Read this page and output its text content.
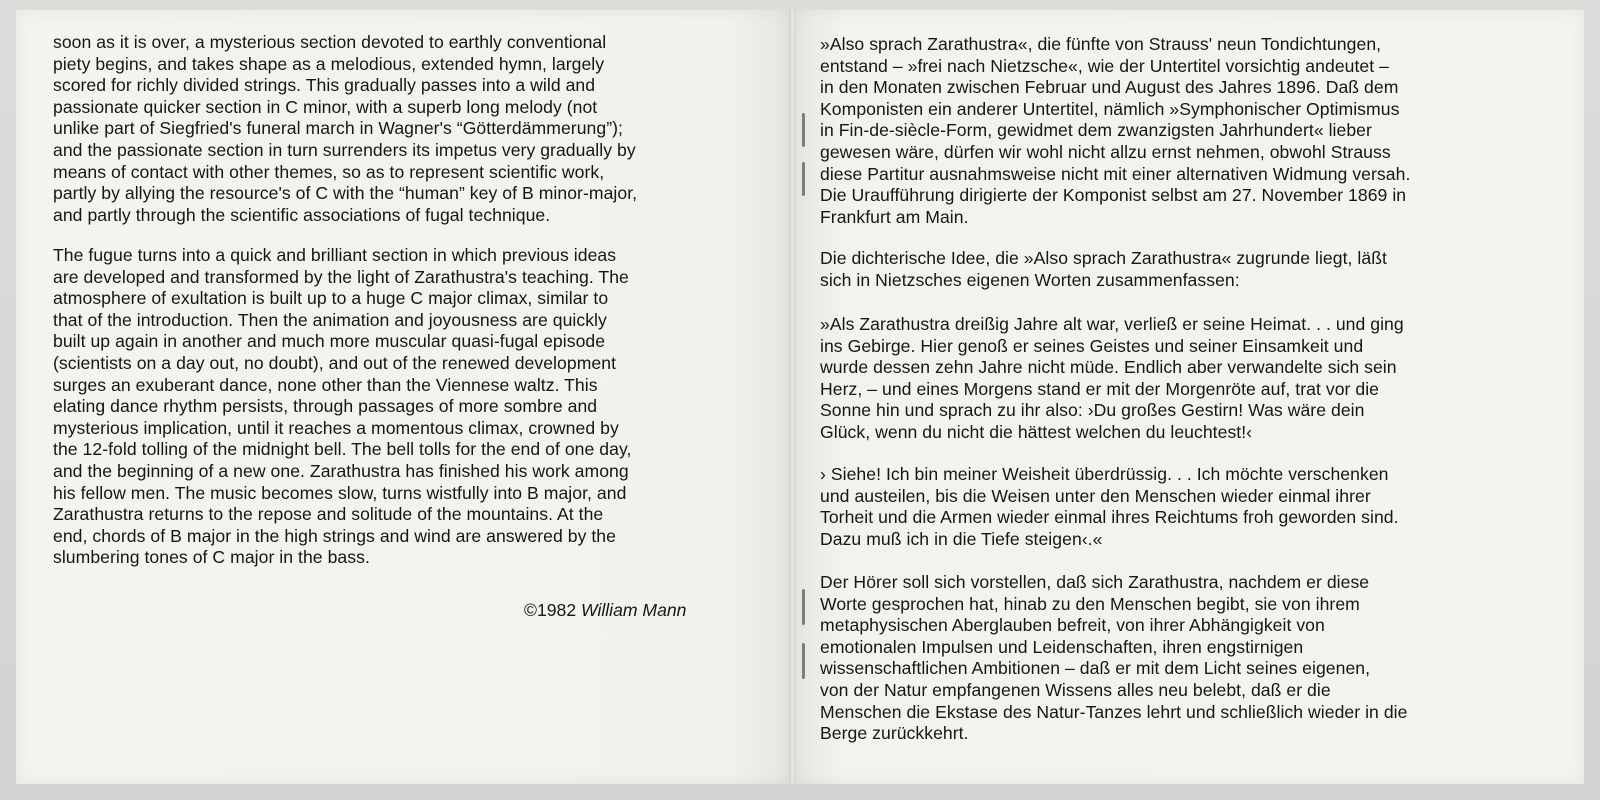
soon as it is over, a mysterious section devoted to earthly conventional
piety begins, and takes shape as a melodious, extended hymn, largely
scored for richly divided strings. This gradually passes into a wild and
passionate quicker section in C minor, with a superb long melody (not
unlike part of Siegfried's funeral march in Wagner's “Götterdämmerung”);
and the passionate section in turn surrenders its impetus very gradually by
means of contact with other themes, so as to represent scientific work,
partly by allying the resource's of C with the “human” key of B minor-major,
and partly through the scientific associations of fugal technique.

The fugue turns into a quick and brilliant section in which previous ideas
are developed and transformed by the light of Zarathustra's teaching. The
atmosphere of exultation is built up to a huge C major climax, similar to
that of the introduction. Then the animation and joyousness are quickly
built up again in another and much more muscular quasi-fugal episode
(scientists on a day out, no doubt), and out of the renewed development
surges an exuberant dance, none other than the Viennese waltz. This
elating dance rhythm persists, through passages of more sombre and
mysterious implication, until it reaches a momentous climax, crowned by
the 12-fold tolling of the midnight bell. The bell tolls for the end of one day,
and the beginning of a new one. Zarathustra has finished his work among
his fellow men. The music becomes slow, turns wistfully into B major, and
Zarathustra returns to the repose and solitude of the mountains. At the
end, chords of B major in the high strings and wind are answered by the
slumbering tones of C major in the bass.

©1982 William Mann

»Also sprach Zarathustra«, die fünfte von Strauss' neun Tondichtungen,
entstand – »frei nach Nietzsche«, wie der Untertitel vorsichtig andeutet –
in den Monaten zwischen Februar und August des Jahres 1896. Daß dem
Komponisten ein anderer Untertitel, nämlich »Symphonischer Optimismus
in Fin-de-siècle-Form, gewidmet dem zwanzigsten Jahrhundert« lieber
gewesen wäre, dürfen wir wohl nicht allzu ernst nehmen, obwohl Strauss
diese Partitur ausnahmsweise nicht mit einer alternativen Widmung versah.
Die Uraufführung dirigierte der Komponist selbst am 27. November 1869 in
Frankfurt am Main.

Die dichterische Idee, die »Also sprach Zarathustra« zugrunde liegt, läßt
sich in Nietzsches eigenen Worten zusammenfassen:

»Als Zarathustra dreißig Jahre alt war, verließ er seine Heimat. . . und ging
ins Gebirge. Hier genoß er seines Geistes und seiner Einsamkeit und
wurde dessen zehn Jahre nicht müde. Endlich aber verwandelte sich sein
Herz, – und eines Morgens stand er mit der Morgenröte auf, trat vor die
Sonne hin und sprach zu ihr also: ›Du großes Gestirn! Was wäre dein
Glück, wenn du nicht die hättest welchen du leuchtest!‹

› Siehe! Ich bin meiner Weisheit überdrüssig. . . Ich möchte verschenken
und austeilen, bis die Weisen unter den Menschen wieder einmal ihrer
Torheit und die Armen wieder einmal ihres Reichtums froh geworden sind.
Dazu muß ich in die Tiefe steigen‹.«

Der Hörer soll sich vorstellen, daß sich Zarathustra, nachdem er diese
Worte gesprochen hat, hinab zu den Menschen begibt, sie von ihrem
metaphysischen Aberglauben befreit, von ihrer Abhängigkeit von
emotionalen Impulsen und Leidenschaften, ihren engstirnigen
wissenschaftlichen Ambitionen – daß er mit dem Licht seines eigenen,
von der Natur empfangenen Wissens alles neu belebt, daß er die
Menschen die Ekstase des Natur-Tanzes lehrt und schließlich wieder in die
Berge zurückkehrt.
